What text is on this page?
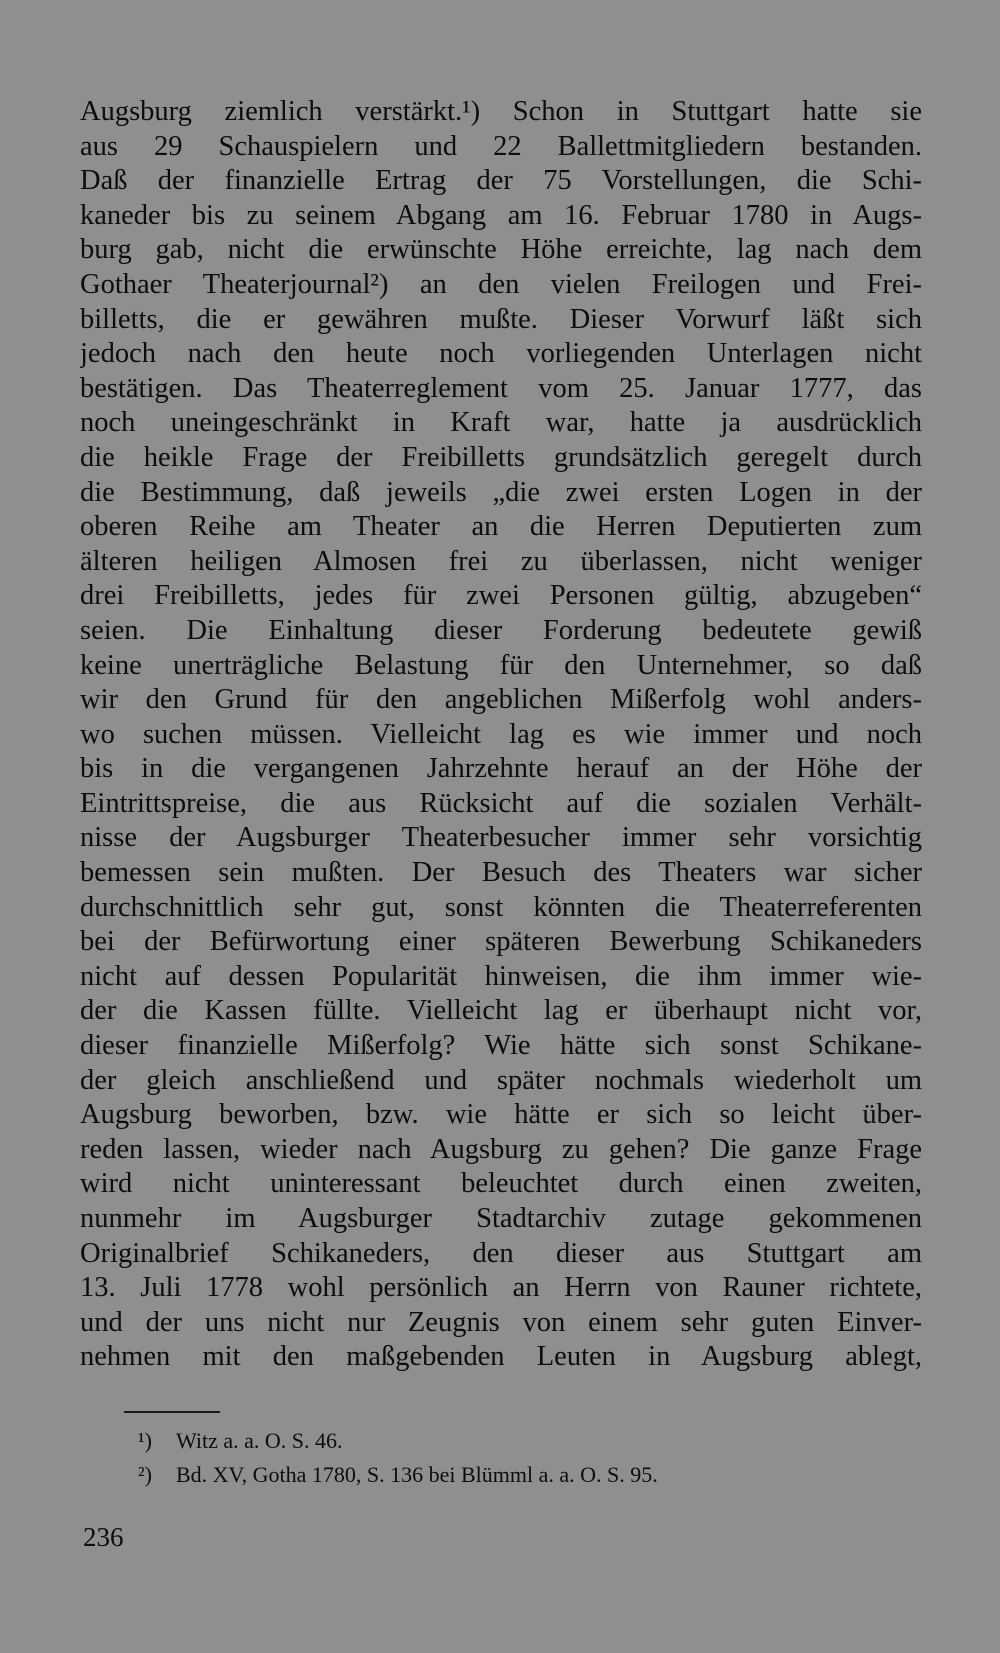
Augsburg ziemlich verstärkt.¹) Schon in Stuttgart hatte sie
aus 29 Schauspielern und 22 Ballettmitgliedern bestanden.
Daß der finanzielle Ertrag der 75 Vorstellungen, die Schi-
kaneder bis zu seinem Abgang am 16. Februar 1780 in Augs-
burg gab, nicht die erwünschte Höhe erreichte, lag nach dem
Gothaer Theaterjournal²) an den vielen Freilogen und Frei-
billetts, die er gewähren mußte. Dieser Vorwurf läßt sich
jedoch nach den heute noch vorliegenden Unterlagen nicht
bestätigen. Das Theaterreglement vom 25. Januar 1777, das
noch uneingeschränkt in Kraft war, hatte ja ausdrücklich
die heikle Frage der Freibilletts grundsätzlich geregelt durch
die Bestimmung, daß jeweils „die zwei ersten Logen in der
oberen Reihe am Theater an die Herren Deputierten zum
älteren heiligen Almosen frei zu überlassen, nicht weniger
drei Freibilletts, jedes für zwei Personen gültig, abzugeben“
seien. Die Einhaltung dieser Forderung bedeutete gewiß
keine unerträgliche Belastung für den Unternehmer, so daß
wir den Grund für den angeblichen Mißerfolg wohl anders-
wo suchen müssen. Vielleicht lag es wie immer und noch
bis in die vergangenen Jahrzehnte herauf an der Höhe der
Eintrittspreise, die aus Rücksicht auf die sozialen Verhält-
nisse der Augsburger Theaterbesucher immer sehr vorsichtig
bemessen sein mußten. Der Besuch des Theaters war sicher
durchschnittlich sehr gut, sonst könnten die Theaterreferenten
bei der Befürwortung einer späteren Bewerbung Schikaneders
nicht auf dessen Popularität hinweisen, die ihm immer wie-
der die Kassen füllte. Vielleicht lag er überhaupt nicht vor,
dieser finanzielle Mißerfolg? Wie hätte sich sonst Schikane-
der gleich anschließend und später nochmals wiederholt um
Augsburg beworben, bzw. wie hätte er sich so leicht über-
reden lassen, wieder nach Augsburg zu gehen? Die ganze Frage
wird nicht uninteressant beleuchtet durch einen zweiten,
nunmehr im Augsburger Stadtarchiv zutage gekommenen
Originalbrief Schikaneders, den dieser aus Stuttgart am
13. Juli 1778 wohl persönlich an Herrn von Rauner richtete,
und der uns nicht nur Zeugnis von einem sehr guten Einver-
nehmen mit den maßgebenden Leuten in Augsburg ablegt,
¹) Witz a. a. O. S. 46.
²) Bd. XV, Gotha 1780, S. 136 bei Blümml a. a. O. S. 95.
236
